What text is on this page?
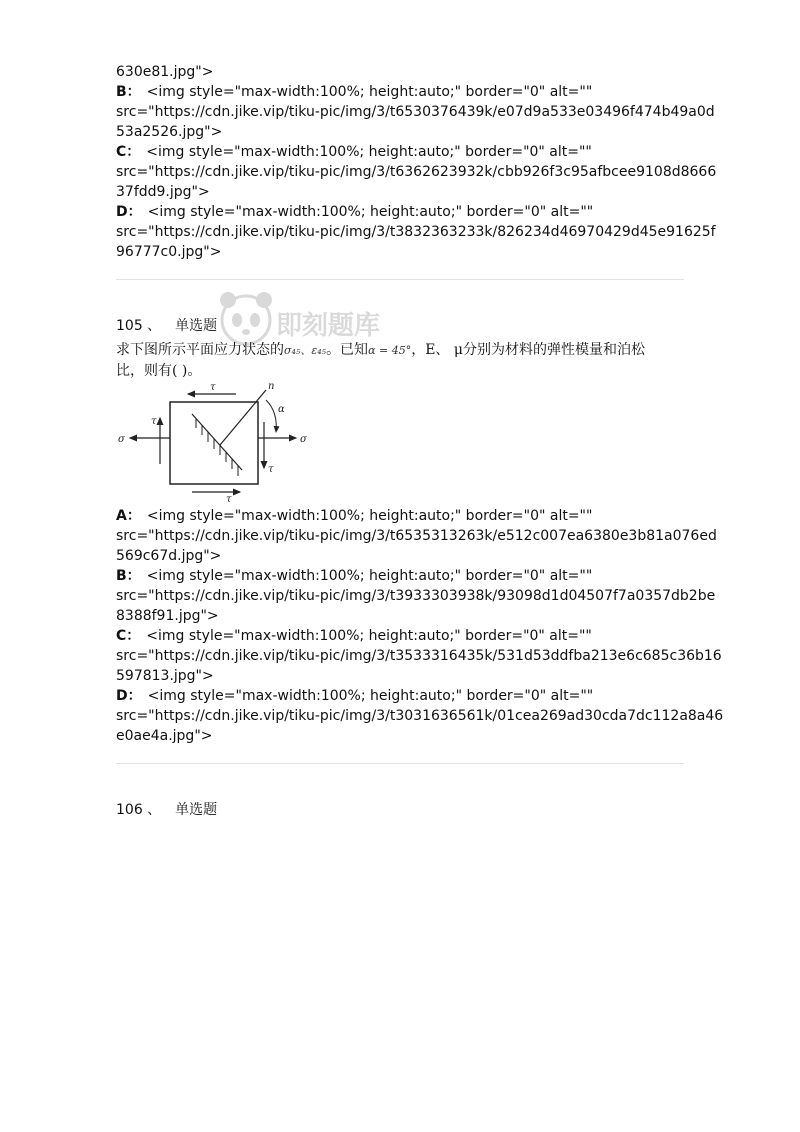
630e81.jpg">
B： <img style="max-width:100%; height:auto;" border="0" alt=""
src="https://cdn.jike.vip/tiku-pic/img/3/t6530376439k/e07d9a533e03496f474b49a0d
53a2526.jpg">
C： <img style="max-width:100%; height:auto;" border="0" alt=""
src="https://cdn.jike.vip/tiku-pic/img/3/t6362623932k/cbb926f3c95afbcee9108d8666
37fdd9.jpg">
D： <img style="max-width:100%; height:auto;" border="0" alt=""
src="https://cdn.jike.vip/tiku-pic/img/3/t3832363233k/826234d46970429d45e91625f
96777c0.jpg">
即刻题库
105 、 单选题
求下图所示平面应力状态的σ₄₅、ε₄₅。已知α = 45°，E、 μ分别为材料的弹性模量和泊松
比，则有( )。
n
α
σ	σ
τ
τ
τ
τ
A： <img style="max-width:100%; height:auto;" border="0" alt=""
src="https://cdn.jike.vip/tiku-pic/img/3/t6535313263k/e512c007ea6380e3b81a076ed
569c67d.jpg">
B： <img style="max-width:100%; height:auto;" border="0" alt=""
src="https://cdn.jike.vip/tiku-pic/img/3/t3933303938k/93098d1d04507f7a0357db2be
8388f91.jpg">
C： <img style="max-width:100%; height:auto;" border="0" alt=""
src="https://cdn.jike.vip/tiku-pic/img/3/t3533316435k/531d53ddfba213e6c685c36b16
597813.jpg">
D： <img style="max-width:100%; height:auto;" border="0" alt=""
src="https://cdn.jike.vip/tiku-pic/img/3/t3031636561k/01cea269ad30cda7dc112a8a46
e0ae4a.jpg">
106 、 单选题
